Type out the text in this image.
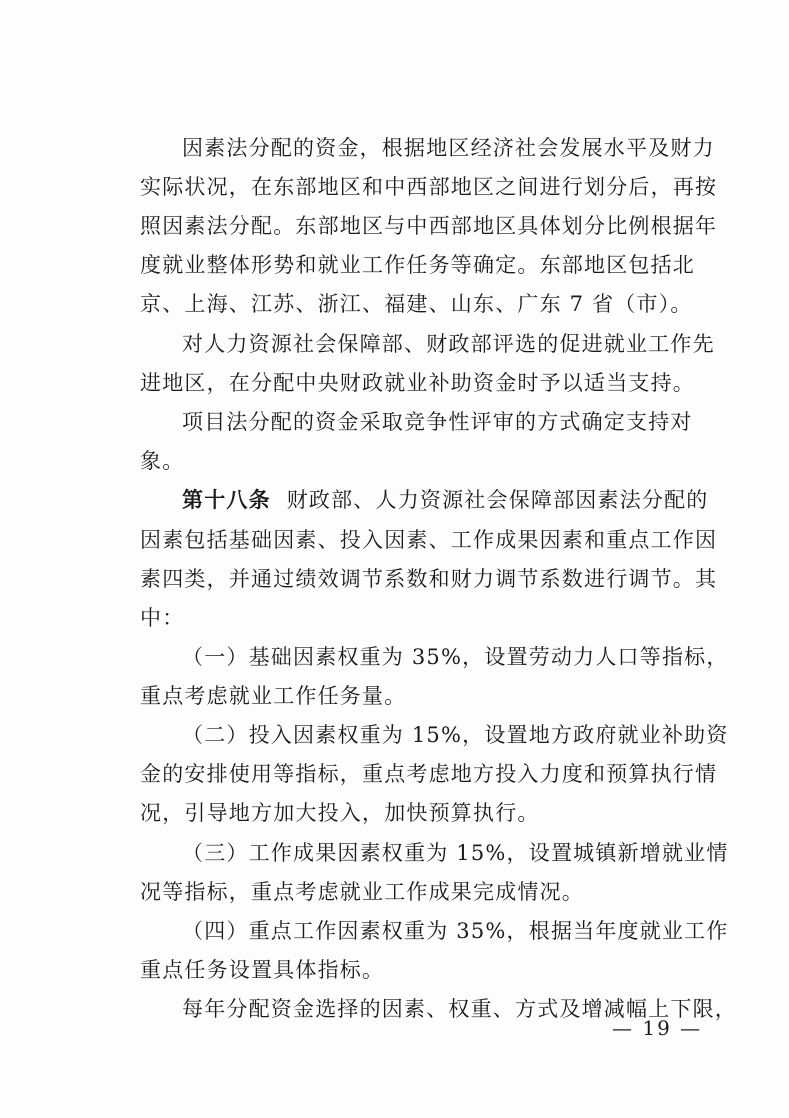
因素法分配的资金，根据地区经济社会发展水平及财力
实际状况，在东部地区和中西部地区之间进行划分后，再按
照因素法分配。东部地区与中西部地区具体划分比例根据年
度就业整体形势和就业工作任务等确定。东部地区包括北
京、上海、江苏、浙江、福建、山东、广东 7 省（市）。
对人力资源社会保障部、财政部评选的促进就业工作先
进地区，在分配中央财政就业补助资金时予以适当支持。
项目法分配的资金采取竞争性评审的方式确定支持对
象。
第十八条 财政部、人力资源社会保障部因素法分配的
因素包括基础因素、投入因素、工作成果因素和重点工作因
素四类，并通过绩效调节系数和财力调节系数进行调节。其
中：
（一）基础因素权重为 35%，设置劳动力人口等指标，
重点考虑就业工作任务量。
（二）投入因素权重为 15%，设置地方政府就业补助资
金的安排使用等指标，重点考虑地方投入力度和预算执行情
况，引导地方加大投入，加快预算执行。
（三）工作成果因素权重为 15%，设置城镇新增就业情
况等指标，重点考虑就业工作成果完成情况。
（四）重点工作因素权重为 35%，根据当年度就业工作
重点任务设置具体指标。
每年分配资金选择的因素、权重、方式及增减幅上下限，
— 19 —
